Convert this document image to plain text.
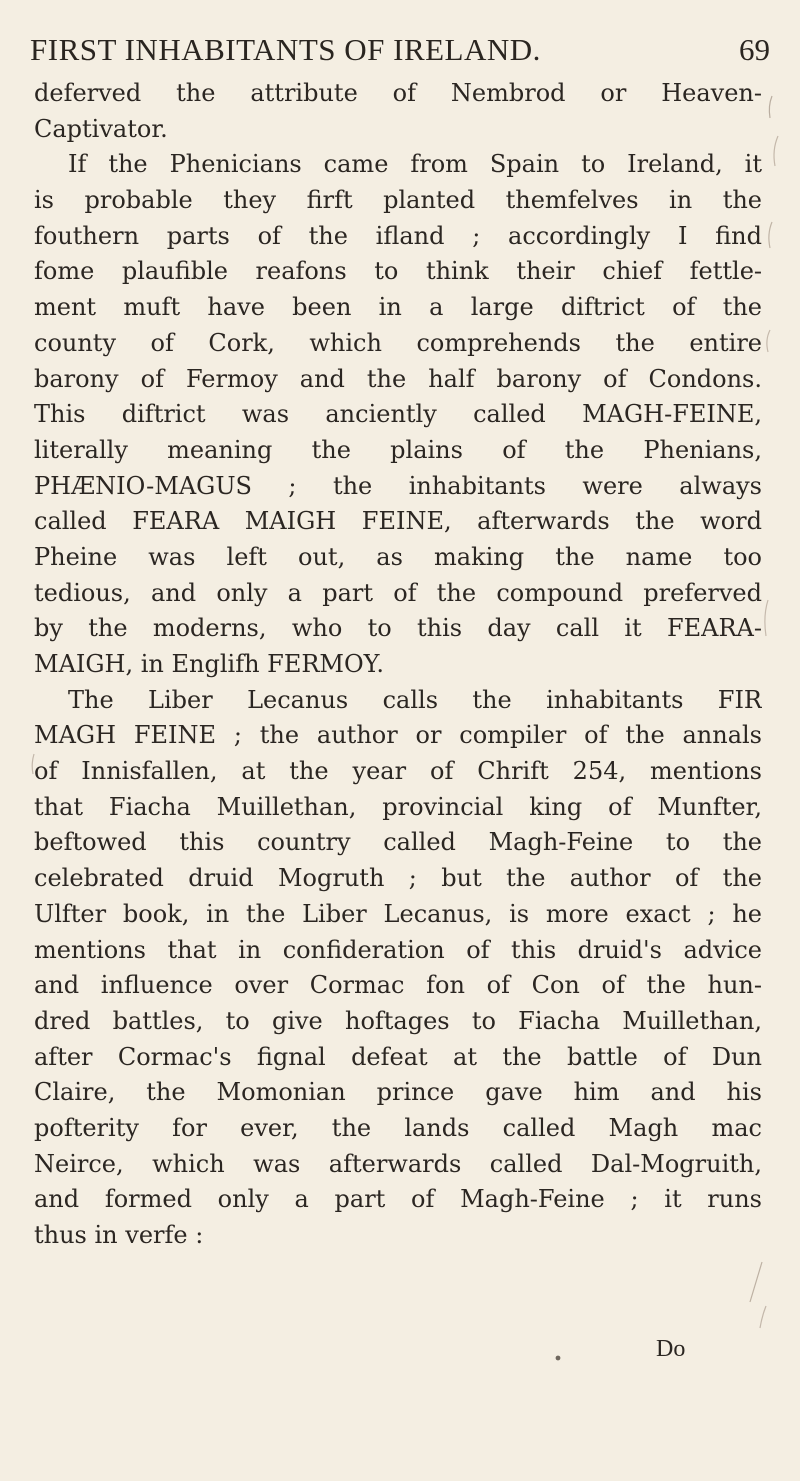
FIRST INHABITANTS OF IRELAND.	69
deferved the attribute of Nembrod or Heaven-
Captivator.
If the Phenicians came from Spain to Ireland, it
is probable they firft planted themfelves in the
fouthern parts of the ifland ; accordingly I find
fome plaufible reafons to think their chief fettle-
ment muft have been in a large diftrict of the
county of Cork, which comprehends the entire
barony of Fermoy and the half barony of Condons.
This diftrict was anciently called MAGH-FEINE,
literally meaning the plains of the Phenians,
PHÆNIO-MAGUS ; the inhabitants were always
called FEARA MAIGH FEINE, afterwards the word
Pheine was left out, as making the name too
tedious, and only a part of the compound preferved
by the moderns, who to this day call it FEARA-
MAIGH, in Englifh FERMOY.
The Liber Lecanus calls the inhabitants FIR
MAGH FEINE ; the author or compiler of the annals
of Innisfallen, at the year of Chrift 254, mentions
that Fiacha Muillethan, provincial king of Munfter,
beftowed this country called Magh-Feine to the
celebrated druid Mogruth ; but the author of the
Ulfter book, in the Liber Lecanus, is more exact ; he
mentions that in confideration of this druid's advice
and influence over Cormac fon of Con of the hun-
dred battles, to give hoftages to Fiacha Muillethan,
after Cormac's fignal defeat at the battle of Dun
Claire, the Momonian prince gave him and his
pofterity for ever, the lands called Magh mac
Neirce, which was afterwards called Dal-Mogruith,
and formed only a part of Magh-Feine ; it runs
thus in verfe :
Do
